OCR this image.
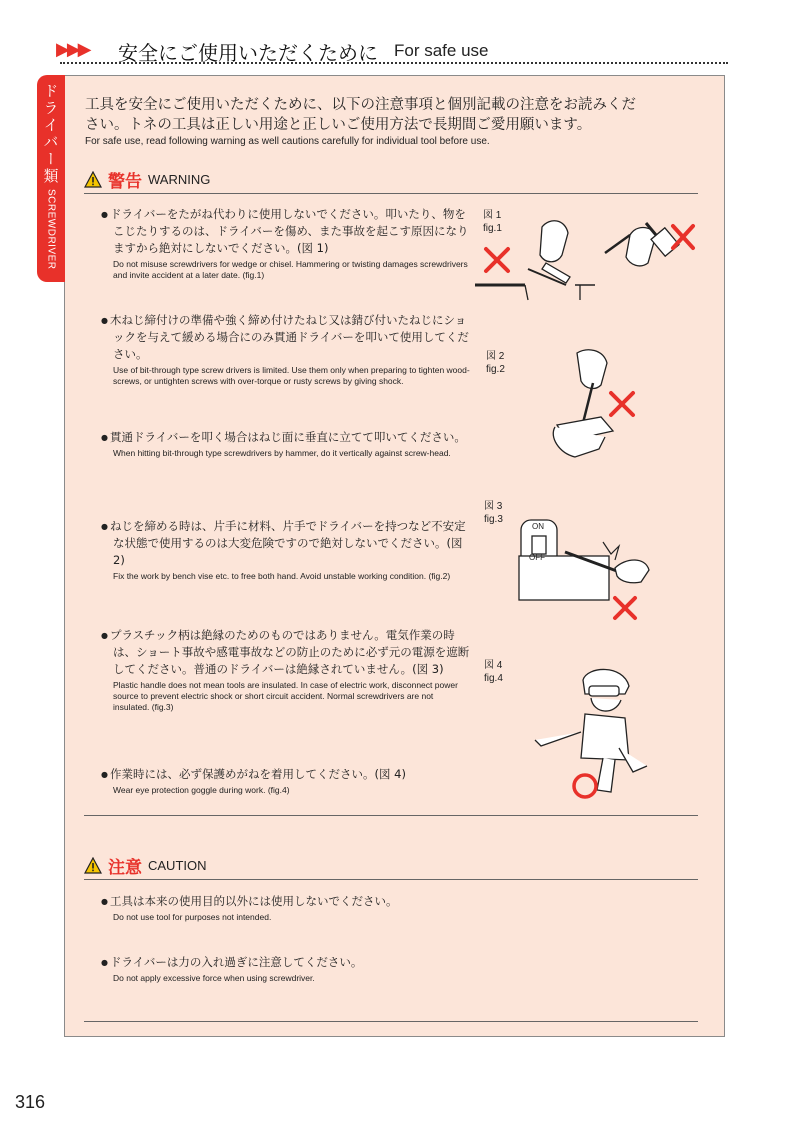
▶▶▶ 安全にご使用いただくために For safe use
ドライバー類
SCREWDRIVER
工具を安全にご使用いただくために、以下の注意事項と個別記載の注意をお読みくだ
さい。トネの工具は正しい用途と正しいご使用方法で長期間ご愛用願います。
For safe use, read following warning as well cautions carefully for individual tool before use.
警告 WARNING
● ドライバーをたがね代わりに使用しないでください。叩いたり、物をこじたりするのは、ドライバーを傷め、また事故を起こす原因になりますから絶対にしないでください。(図 1)
Do not misuse screwdrivers for wedge or chisel. Hammering or twisting damages screwdrivers and invite accident at a later date. (fig.1)
● 木ねじ締付けの準備や強く締め付けたねじ又は錆び付いたねじにショックを与えて緩める場合にのみ貫通ドライバーを叩いて使用してください。
Use of bit-through type screw drivers is limited. Use them only when preparing to tighten wood-screws, or untighten screws with over-torque or rusty screws by giving shock.
● 貫通ドライバーを叩く場合はねじ面に垂直に立てて叩いてください。
When hitting bit-through type screwdrivers by hammer, do it vertically against screw-head.
● ねじを締める時は、片手に材料、片手でドライバーを持つなど不安定な状態で使用するのは大変危険ですので絶対しないでください。(図 2)
Fix the work by bench vise etc. to free both hand. Avoid unstable working condition. (fig.2)
● プラスチック柄は絶縁のためのものではありません。電気作業の時は、ショート事故や感電事故などの防止のために必ず元の電源を遮断してください。普通のドライバーは絶縁されていません。(図 3)
Plastic handle does not mean tools are insulated. In case of electric work, disconnect power source to prevent electric shock or short circuit accident. Normal screwdrivers are not insulated. (fig.3)
● 作業時には、必ず保護めがねを着用してください。(図 4)
Wear eye protection goggle during work. (fig.4)
図 1
fig.1
図 2
fig.2
図 3
fig.3
図 4
fig.4
ON
OFF
注意 CAUTION
● 工具は本来の使用目的以外には使用しないでください。
Do not use tool for purposes not intended.
● ドライバーは力の入れ過ぎに注意してください。
Do not apply excessive force when using screwdriver.
316
